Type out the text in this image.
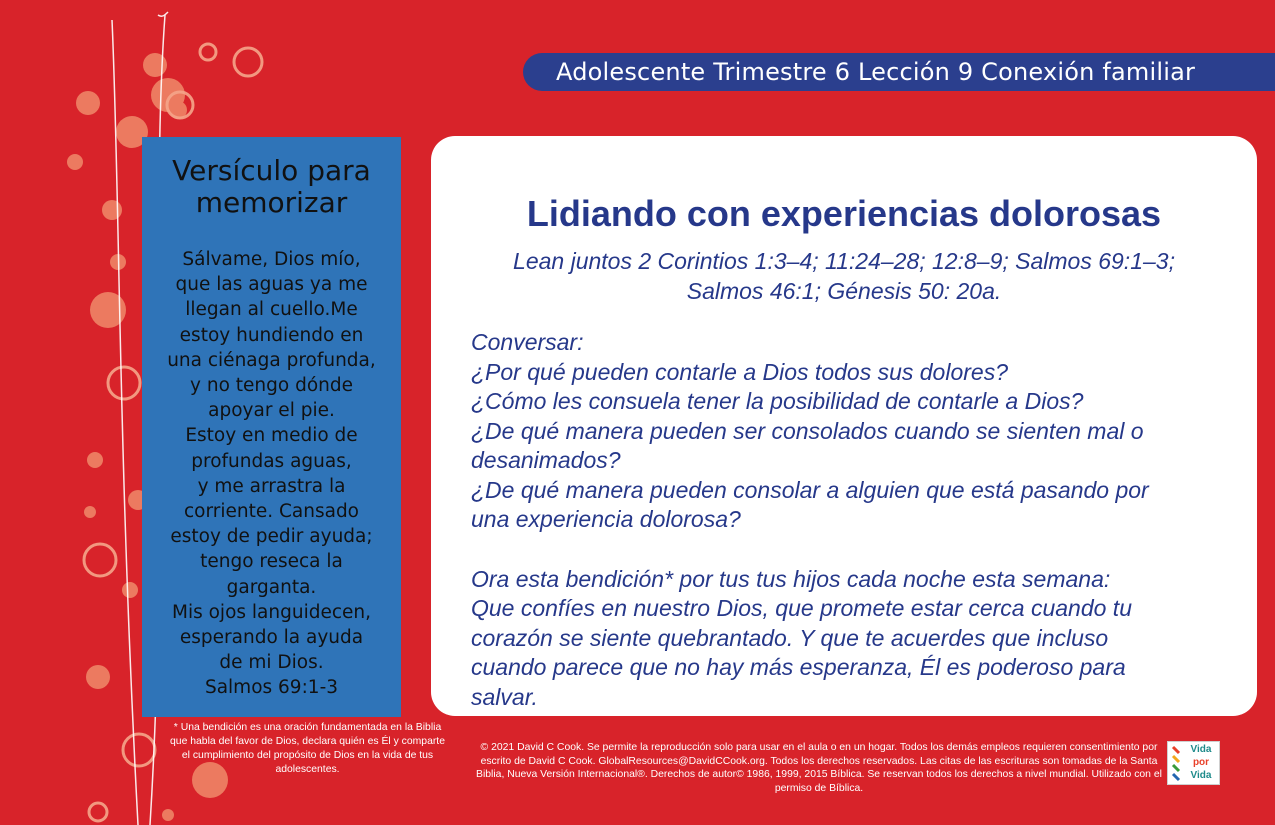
Adolescente Trimestre 6 Lección 9 Conexión familiar
Versículo para
memorizar
Sálvame, Dios mío,
que las aguas ya me
llegan al cuello.Me
estoy hundiendo en
una ciénaga profunda,
y no tengo dónde
apoyar el pie.
Estoy en medio de
profundas aguas,
y me arrastra la
corriente. Cansado
estoy de pedir ayuda;
tengo reseca la
garganta.
Mis ojos languidecen,
esperando la ayuda
de mi Dios.
Salmos 69:1-3
* Una bendición es una oración fundamentada en la Biblia que habla del favor de Dios, declara quién es Él y comparte el cumplimiento del propósito de Dios en la vida de tus adolescentes.
Lidiando con experiencias dolorosas
Lean juntos 2 Corintios 1:3–4; 11:24–28; 12:8–9; Salmos 69:1–3;
Salmos 46:1; Génesis 50: 20a.
Conversar:
¿Por qué pueden contarle a Dios todos sus dolores?
¿Cómo les consuela tener la posibilidad de contarle a Dios?
¿De qué manera pueden ser consolados cuando se sienten mal o
desanimados?
¿De qué manera pueden consolar a alguien que está pasando por
una experiencia dolorosa?
Ora esta bendición* por tus tus hijos cada noche esta semana:
Que confíes en nuestro Dios, que promete estar cerca cuando tu
corazón se siente quebrantado. Y que te acuerdes que incluso
cuando parece que no hay más esperanza, Él es poderoso para
salvar.
© 2021 David C Cook. Se permite la reproducción solo para usar en el aula o en un hogar. Todos los demás empleos requieren consentimiento por escrito de David C Cook. GlobalResources@DavidCCook.org. Todos los derechos reservados. Las citas de las escrituras son tomadas de la Santa Biblia, Nueva Versión Internacional®. Derechos de autor© 1986, 1999, 2015 Bíblica. Se reservan todos los derechos a nivel mundial. Utilizado con el permiso de Bíblica.
Vida
por
Vida
